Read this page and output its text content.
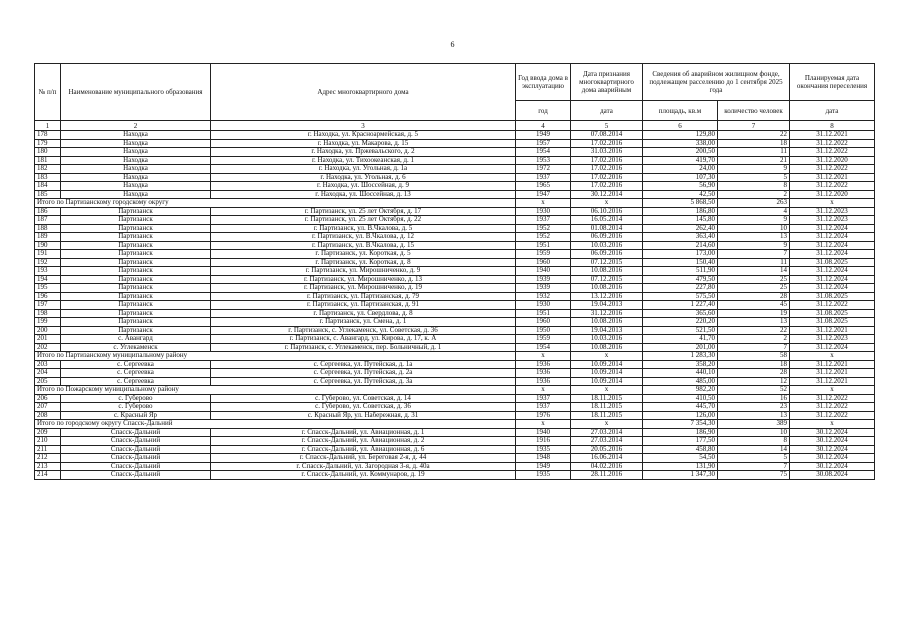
6
№ п/п	Наименование муниципального образования	Адрес многоквартирного дома	Год ввода дома в эксплуатацию	Дата признания многоквартирного дома аварийным	Сведения об аварийном жилищном фонде, подлежащем расселению до 1 сентября 2025 года		Планируемая дата окончания переселения
			год	дата	площадь, кв.м	количество человек	дата
1	2	3	4	5	6	7	8
178	Находка	г. Находка, ул. Красноармейская, д. 5	1949	07.08.2014	129,80	22	31.12.2021
179	Находка	г. Находка, ул. Макарова, д. 15	1957	17.02.2016	338,00	18	31.12.2022
180	Находка	г. Находка, ул. Пржевальского, д. 2	1954	31.03.2016	200,50	11	31.12.2022
181	Находка	г. Находка, ул. Тихоокеанская, д. 1	1953	17.02.2016	419,70	21	31.12.2020
182	Находка	г. Находка, ул. Угольная, д. 1а	1972	17.02.2016	24,00	9	31.12.2022
183	Находка	г. Находка, ул. Угольная, д. 6	1937	17.02.2016	107,30	5	31.12.2021
184	Находка	г. Находка, ул. Шоссейная, д. 9	1965	17.02.2016	56,90	8	31.12.2022
185	Находка	г. Находка, ул. Шоссейная, д. 13	1947	30.12.2014	42,50	2	31.12.2020
Итого по Партизанскому городскому округу			x	x	5 868,50	263	x
186	Партизанск	г. Партизанск, ул. 25 лет Октября, д. 17	1930	06.10.2016	186,80	4	31.12.2023
187	Партизанск	г. Партизанск, ул. 25 лет Октября, д. 22	1937	16.05.2014	145,80	9	31.12.2023
188	Партизанск	г. Партизанск, ул. В.Чкалова, д. 5	1952	01.08.2014	262,40	10	31.12.2024
189	Партизанск	г. Партизанск, ул. В.Чкалова, д. 12	1952	06.09.2016	363,40	13	31.12.2024
190	Партизанск	г. Партизанск, ул. В.Чкалова, д. 15	1951	10.03.2016	214,60	9	31.12.2024
191	Партизанск	г. Партизанск, ул. Короткая, д. 5	1959	06.09.2016	173,00	7	31.12.2024
192	Партизанск	г. Партизанск, ул. Короткая, д. 8	1960	07.12.2015	150,40	11	31.08.2025
193	Партизанск	г. Партизанск, ул. Мирошниченко, д. 9	1940	10.08.2016	511,90	14	31.12.2024
194	Партизанск	г. Партизанск, ул. Мирошниченко, д. 13	1939	07.12.2015	479,50	25	31.12.2024
195	Партизанск	г. Партизанск, ул. Мирошниченко, д. 19	1939	10.08.2016	227,80	25	31.12.2024
196	Партизанск	г. Партизанск, ул. Партизанская, д. 79	1932	13.12.2016	575,50	28	31.08.2025
197	Партизанск	г. Партизанск, ул. Партизанская, д. 91	1930	19.04.2013	1 227,40	45	31.12.2022
198	Партизанск	г. Партизанск, ул. Свердлова, д. 8	1951	31.12.2016	365,60	19	31.08.2025
199	Партизанск	г. Партизанск, ул. Смена, д. 1	1960	10.08.2016	220,20	13	31.08.2025
200	Партизанск	г. Партизанск, с. Углекаменск, ул. Советская, д. 36	1950	19.04.2013	521,50	22	31.12.2021
201	с. Авангард	г. Партизанск, с. Авангард, ул. Кирова, д. 17, к. А	1959	10.03.2016	41,70	2	31.12.2023
202	с. Углекаменск	г. Партизанск, с. Углекаменск, пер. Больничный, д. 1	1954	10.08.2016	201,00	7	31.12.2024
Итого по Партизанскому муниципальному району			x	x	1 283,30	58	x
203	с. Сергеевка	с. Сергеевка, ул. Путейская, д. 1а	1936	10.09.2014	358,20	18	31.12.2021
204	с. Сергеевка	с. Сергеевка, ул. Путейская, д. 2а	1936	10.09.2014	440,10	28	31.12.2021
205	с. Сергеевка	с. Сергеевка, ул. Путейская, д. 3а	1936	10.09.2014	485,00	12	31.12.2021
Итого по Пожарскому муниципальному району			x	x	982,20	52	x
206	с. Губерово	с. Губерово, ул. Советская, д. 14	1937	18.11.2015	410,50	16	31.12.2022
207	с. Губерово	с. Губерово, ул. Советская, д. 36	1937	18.11.2015	445,70	23	31.12.2022
208	с. Красный Яр	с. Красный Яр, ул. Набережная, д. 31	1976	18.11.2015	126,00	13	31.12.2022
Итого по городскому округу Спасск-Дальний			x	x	7 354,30	389	x
209	Спасск-Дальний	г. Спасск-Дальний, ул. Авиационная, д. 1	1940	27.03.2014	186,90	10	30.12.2024
210	Спасск-Дальний	г. Спасск-Дальний, ул. Авиационная, д. 2	1916	27.03.2014	177,50	8	30.12.2024
211	Спасск-Дальний	г. Спасск-Дальний, ул. Авиационная, д. 6	1935	20.05.2016	458,80	14	30.12.2024
212	Спасск-Дальний	г. Спасск-Дальний, ул. Береговая 2-я, д. 44	1948	16.06.2014	54,50	5	30.12.2024
213	Спасск-Дальний	г. Спасск-Дальний, ул. Загородная 3-я, д. 40а	1949	04.02.2016	131,90	7	30.12.2024
214	Спасск-Дальний	г. Спасск-Дальний, ул. Коммунаров, д. 19	1935	28.11.2016	1 347,30	75	30.08.2024
